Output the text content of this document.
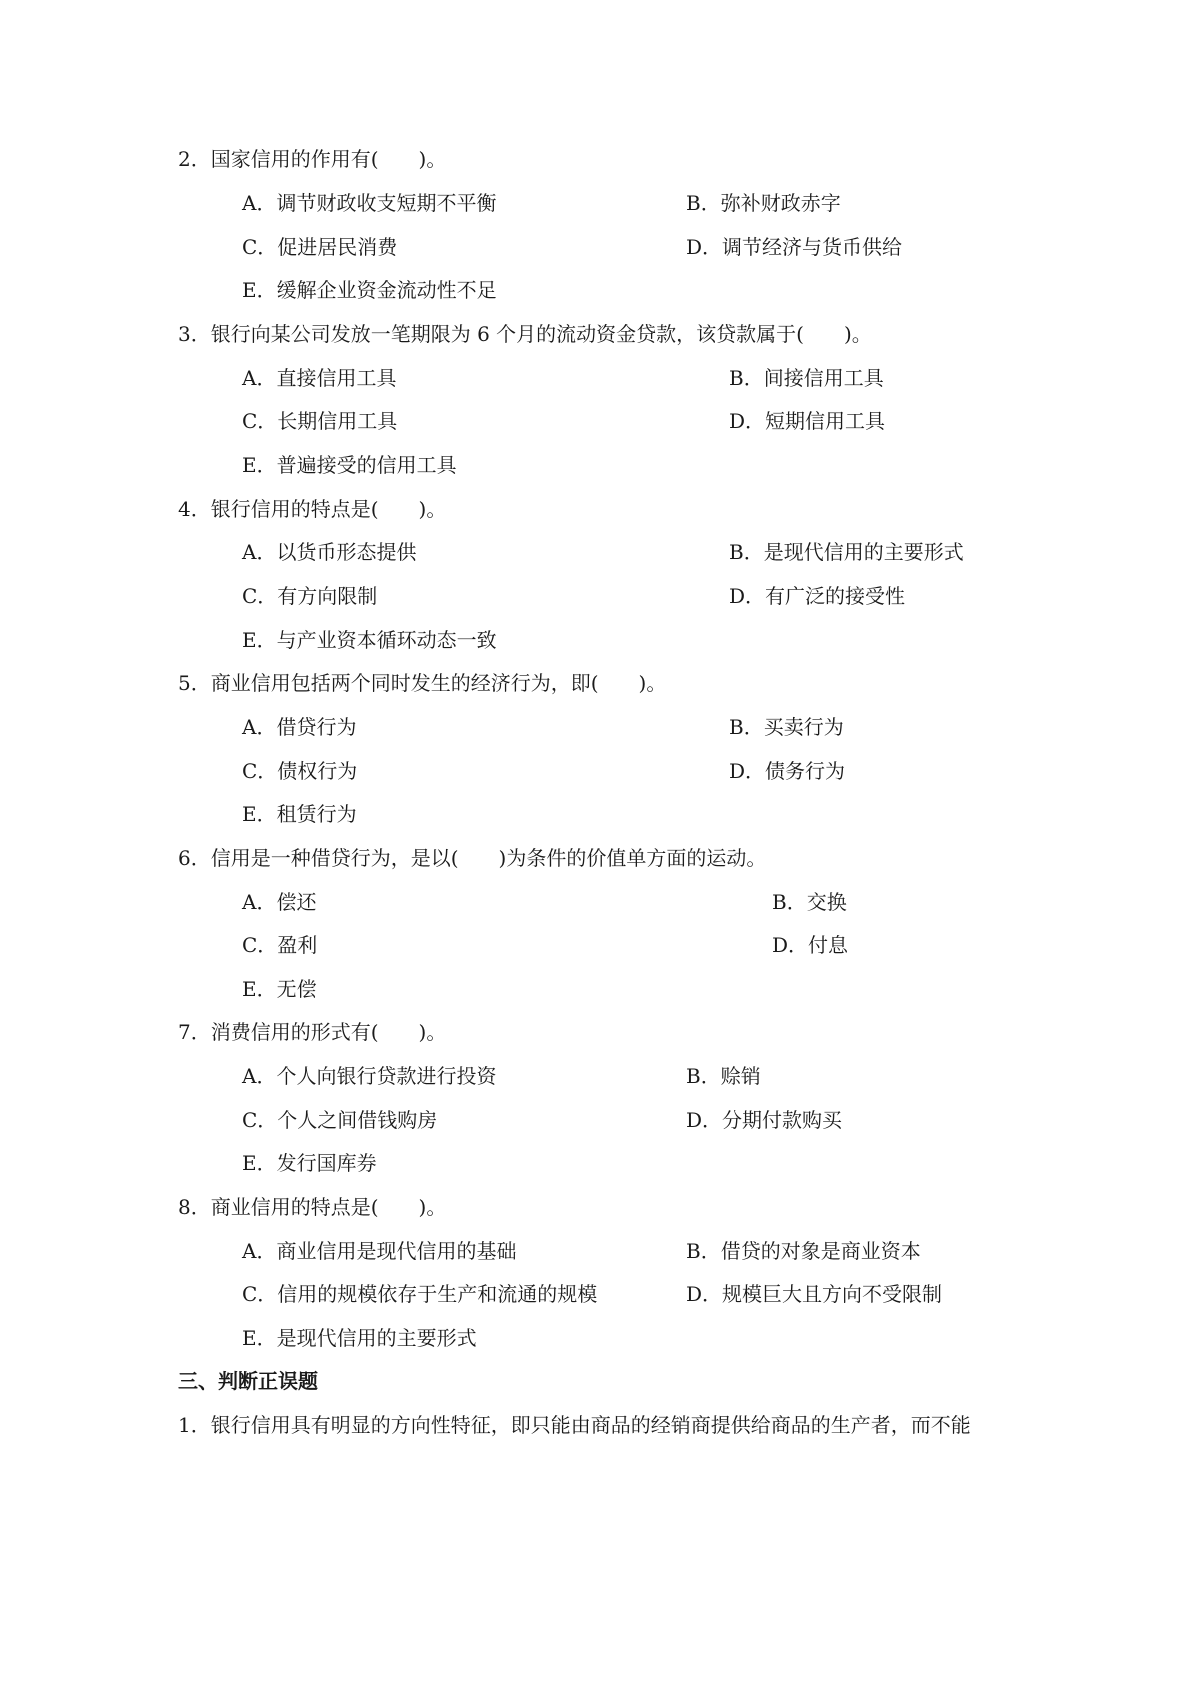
2．国家信用的作用有(　　)。
A．调节财政收支短期不平衡	B．弥补财政赤字
C．促进居民消费	D．调节经济与货币供给
E．缓解企业资金流动性不足
3．银行向某公司发放一笔期限为 6 个月的流动资金贷款，该贷款属于(　　)。
A．直接信用工具	B．间接信用工具
C．长期信用工具	D．短期信用工具
E．普遍接受的信用工具
4．银行信用的特点是(　　)。
A．以货币形态提供	B．是现代信用的主要形式
C．有方向限制	D．有广泛的接受性
E．与产业资本循环动态一致
5．商业信用包括两个同时发生的经济行为，即(　　)。
A．借贷行为	B．买卖行为
C．债权行为	D．债务行为
E．租赁行为
6．信用是一种借贷行为，是以(　　)为条件的价值单方面的运动。
A．偿还	B．交换
C．盈利	D．付息
E．无偿
7．消费信用的形式有(　　)。
A．个人向银行贷款进行投资	B．赊销
C．个人之间借钱购房	D．分期付款购买
E．发行国库券
8．商业信用的特点是(　　)。
A．商业信用是现代信用的基础	B．借贷的对象是商业资本
C．信用的规模依存于生产和流通的规模	D．规模巨大且方向不受限制
E．是现代信用的主要形式
三、判断正误题
1．银行信用具有明显的方向性特征，即只能由商品的经销商提供给商品的生产者，而不能
